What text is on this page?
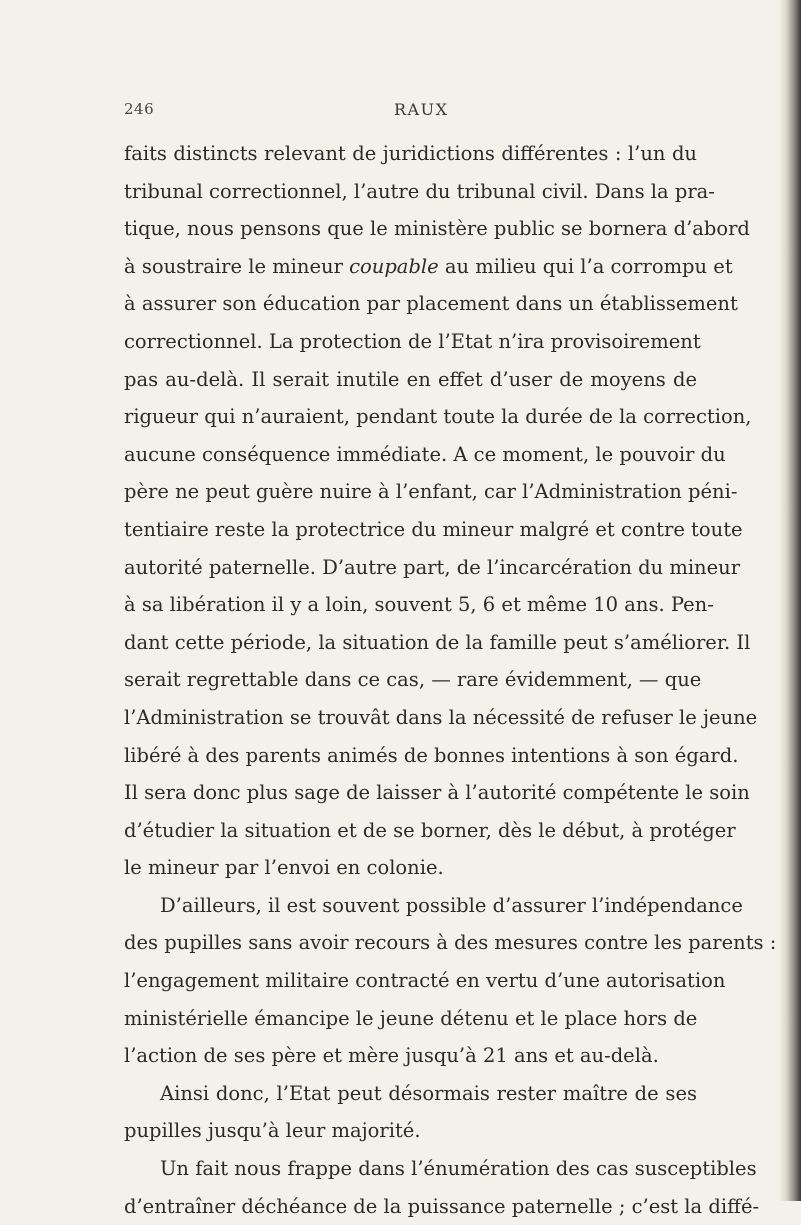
246	RAUX
faits distincts relevant de juridictions différentes : l’un du
tribunal correctionnel, l’autre du tribunal civil. Dans la pra-
tique, nous pensons que le ministère public se bornera d’abord
à soustraire le mineur coupable au milieu qui l’a corrompu et
à assurer son éducation par placement dans un établissement
correctionnel. La protection de l’Etat n’ira provisoirement
pas au-delà. Il serait inutile en effet d’user de moyens de
rigueur qui n’auraient, pendant toute la durée de la correction,
aucune conséquence immédiate. A ce moment, le pouvoir du
père ne peut guère nuire à l’enfant, car l’Administration péni-
tentiaire reste la protectrice du mineur malgré et contre toute
autorité paternelle. D’autre part, de l’incarcération du mineur
à sa libération il y a loin, souvent 5, 6 et même 10 ans. Pen-
dant cette période, la situation de la famille peut s’améliorer. Il
serait regrettable dans ce cas, — rare évidemment, — que
l’Administration se trouvât dans la nécessité de refuser le jeune
libéré à des parents animés de bonnes intentions à son égard.
Il sera donc plus sage de laisser à l’autorité compétente le soin
d’étudier la situation et de se borner, dès le début, à protéger
le mineur par l’envoi en colonie.
D’ailleurs, il est souvent possible d’assurer l’indépendance
des pupilles sans avoir recours à des mesures contre les parents :
l’engagement militaire contracté en vertu d’une autorisation
ministérielle émancipe le jeune détenu et le place hors de
l’action de ses père et mère jusqu’à 21 ans et au-delà.
Ainsi donc, l’Etat peut désormais rester maître de ses
pupilles jusqu’à leur majorité.
Un fait nous frappe dans l’énumération des cas susceptibles
d’entraîner déchéance de la puissance paternelle ; c’est la diffé-
